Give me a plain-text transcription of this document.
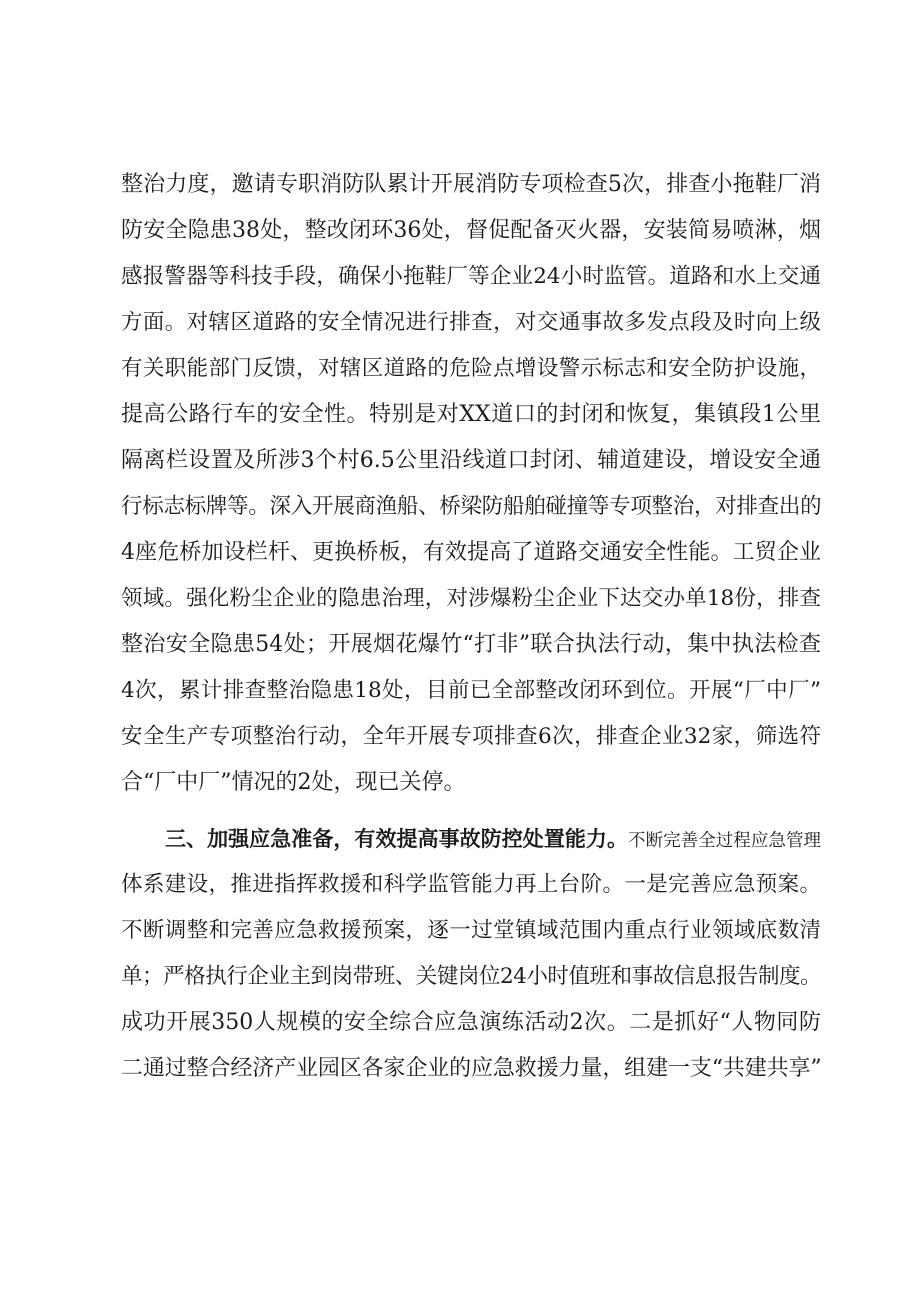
整治力度，邀请专职消防队累计开展消防专项检查5次，排查小拖鞋厂消
防安全隐患38处，整改闭环36处，督促配备灭火器，安装简易喷淋，烟
感报警器等科技手段，确保小拖鞋厂等企业24小时监管。道路和水上交通
方面。对辖区道路的安全情况进行排查，对交通事故多发点段及时向上级
有关职能部门反馈，对辖区道路的危险点增设警示标志和安全防护设施，
提高公路行车的安全性。特别是对XX道口的封闭和恢复，集镇段1公里
隔离栏设置及所涉3个村6.5公里沿线道口封闭、辅道建设，增设安全通
行标志标牌等。深入开展商渔船、桥梁防船舶碰撞等专项整治，对排查出的
4座危桥加设栏杆、更换桥板，有效提高了道路交通安全性能。工贸企业
领域。强化粉尘企业的隐患治理，对涉爆粉尘企业下达交办单18份，排查
整治安全隐患54处；开展烟花爆竹“打非”联合执法行动，集中执法检查
4次，累计排查整治隐患18处，目前已全部整改闭环到位。开展“厂中厂”
安全生产专项整治行动，全年开展专项排查6次，排查企业32家，筛选符
合“厂中厂”情况的2处，现已关停。
三、加强应急准备，有效提高事故防控处置能力。不断完善全过程应急管理
体系建设，推进指挥救援和科学监管能力再上台阶。一是完善应急预案。
不断调整和完善应急救援预案，逐一过堂镇域范围内重点行业领域底数清
单；严格执行企业主到岗带班、关键岗位24小时值班和事故信息报告制度。
成功开展350人规模的安全综合应急演练活动2次。二是抓好“人物同防
二通过整合经济产业园区各家企业的应急救援力量，组建一支“共建共享”
